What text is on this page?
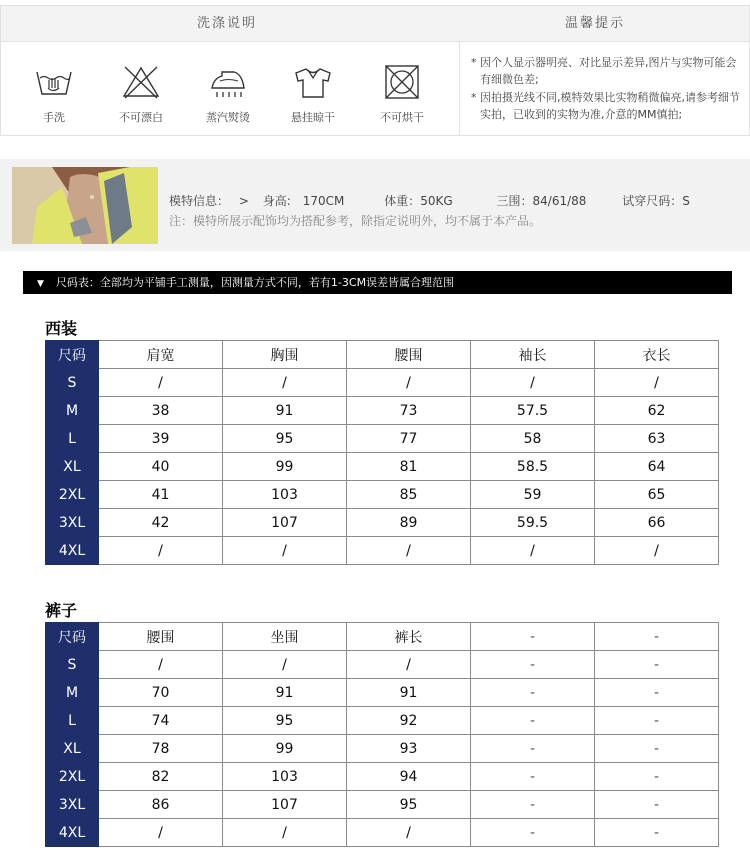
洗涤说明	温馨提示
手洗	不可漂白	蒸汽熨烫	悬挂晾干	不可烘干
* 因个人显示器明亮、对比显示差异,图片与实物可能会有细微色差;
* 因拍摄光线不同,模特效果比实物稍微偏亮,请参考细节实拍，已收到的实物为准,介意的MM慎拍;
模特信息： > 身高:　170CM	体重：50KG	三围：84/61/88	试穿尺码：S
注：模特所展示配饰均为搭配参考，除指定说明外，均不属于本产品。
▼ 尺码表：全部均为平铺手工测量，因测量方式不同，若有1-3CM误差皆属合理范围
西装
尺码	肩宽	胸围	腰围	袖长	衣长
S	/	/	/	/	/
M	38	91	73	57.5	62
L	39	95	77	58	63
XL	40	99	81	58.5	64
2XL	41	103	85	59	65
3XL	42	107	89	59.5	66
4XL	/	/	/	/	/
裤子
尺码	腰围	坐围	裤长	-	-
S	/	/	/	-	-
M	70	91	91	-	-
L	74	95	92	-	-
XL	78	99	93	-	-
2XL	82	103	94	-	-
3XL	86	107	95	-	-
4XL	/	/	/	-	-
